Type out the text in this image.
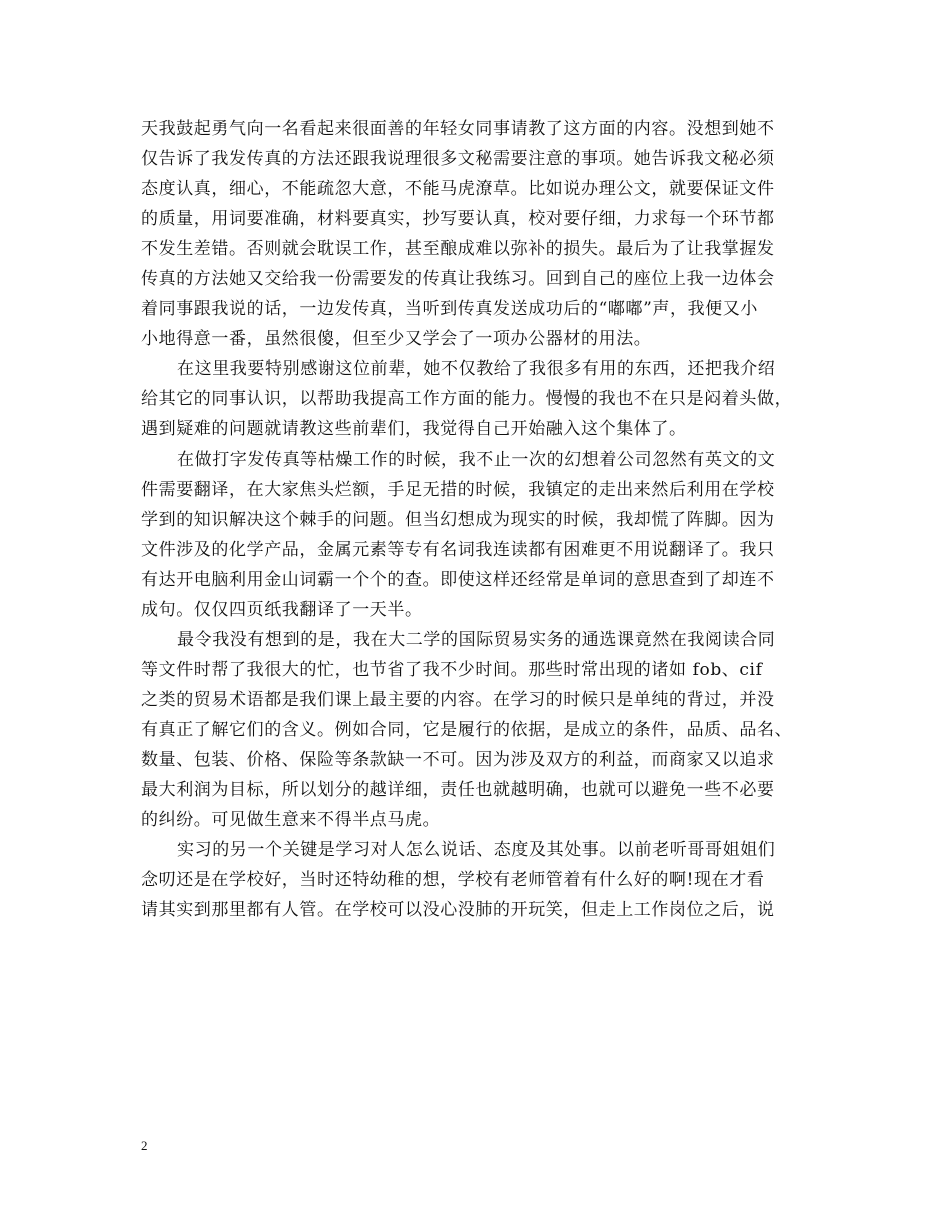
天我鼓起勇气向一名看起来很面善的年轻女同事请教了这方面的内容。没想到她不
仅告诉了我发传真的方法还跟我说理很多文秘需要注意的事项。她告诉我文秘必须
态度认真，细心，不能疏忽大意，不能马虎潦草。比如说办理公文，就要保证文件
的质量，用词要准确，材料要真实，抄写要认真，校对要仔细，力求每一个环节都
不发生差错。否则就会耽误工作，甚至酿成难以弥补的损失。最后为了让我掌握发
传真的方法她又交给我一份需要发的传真让我练习。回到自己的座位上我一边体会
着同事跟我说的话，一边发传真，当听到传真发送成功后的“嘟嘟”声，我便又小
小地得意一番，虽然很傻，但至少又学会了一项办公器材的用法。
在这里我要特别感谢这位前辈，她不仅教给了我很多有用的东西，还把我介绍
给其它的同事认识，以帮助我提高工作方面的能力。慢慢的我也不在只是闷着头做，
遇到疑难的问题就请教这些前辈们，我觉得自己开始融入这个集体了。
在做打字发传真等枯燥工作的时候，我不止一次的幻想着公司忽然有英文的文
件需要翻译，在大家焦头烂额，手足无措的时候，我镇定的走出来然后利用在学校
学到的知识解决这个棘手的问题。但当幻想成为现实的时候，我却慌了阵脚。因为
文件涉及的化学产品，金属元素等专有名词我连读都有困难更不用说翻译了。我只
有达开电脑利用金山词霸一个个的查。即使这样还经常是单词的意思查到了却连不
成句。仅仅四页纸我翻译了一天半。
最令我没有想到的是，我在大二学的国际贸易实务的通选课竟然在我阅读合同
等文件时帮了我很大的忙，也节省了我不少时间。那些时常出现的诸如 fob、cif
之类的贸易术语都是我们课上最主要的内容。在学习的时候只是单纯的背过，并没
有真正了解它们的含义。例如合同，它是履行的依据，是成立的条件，品质、品名、
数量、包装、价格、保险等条款缺一不可。因为涉及双方的利益，而商家又以追求
最大利润为目标，所以划分的越详细，责任也就越明确，也就可以避免一些不必要
的纠纷。可见做生意来不得半点马虎。
实习的另一个关键是学习对人怎么说话、态度及其处事。以前老听哥哥姐姐们
念叨还是在学校好，当时还特幼稚的想，学校有老师管着有什么好的啊!现在才看
请其实到那里都有人管。在学校可以没心没肺的开玩笑，但走上工作岗位之后，说
2
